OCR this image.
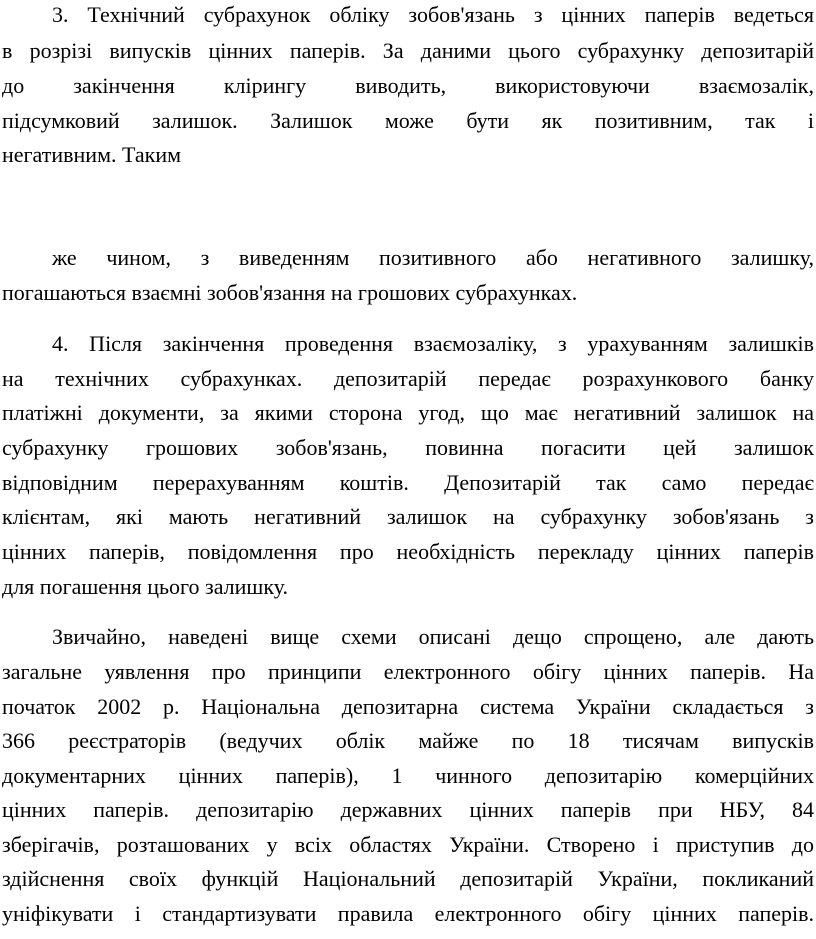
3. Технічний субрахунок обліку зобов'язань з цінних паперів ведеться
в розрізі випусків цінних паперів. За даними цього субрахунку депозитарій
до закінчення клірингу виводить, використовуючи взаємозалік,
підсумковий залишок. Залишок може бути як позитивним, так і
негативним. Таким
же чином, з виведенням позитивного або негативного залишку,
погашаються взаємні зобов'язання на грошових субрахунках.
4. Після закінчення проведення взаємозаліку, з урахуванням залишків
на технічних субрахунках. депозитарій передає розрахункового банку
платіжні документи, за якими сторона угод, що має негативний залишок на
субрахунку грошових зобов'язань, повинна погасити цей залишок
відповідним перерахуванням коштів. Депозитарій так само передає
клієнтам, які мають негативний залишок на субрахунку зобов'язань з
цінних паперів, повідомлення про необхідність перекладу цінних паперів
для погашення цього залишку.
Звичайно, наведені вище схеми описані дещо спрощено, але дають
загальне уявлення про принципи електронного обігу цінних паперів. На
початок 2002 р. Національна депозитарна система України складається з
366 реєстраторів (ведучих облік майже по 18 тисячам випусків
документарних цінних паперів), 1 чинного депозитарію комерційних
цінних паперів. депозитарію державних цінних паперів при НБУ, 84
зберігачів, розташованих у всіх областях України. Створено і приступив до
здійснення своїх функцій Національний депозитарій України, покликаний
уніфікувати і стандартизувати правила електронного обігу цінних паперів.
